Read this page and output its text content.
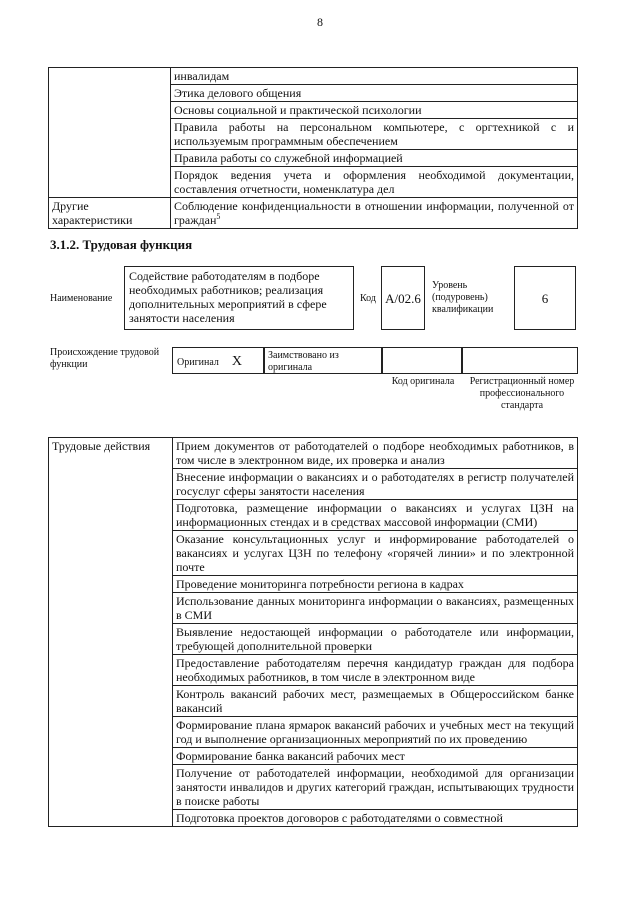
8
	инвалидам
	Этика делового общения
	Основы социальной и практической психологии
	Правила работы на персональном компьютере, с оргтехникой с и используемым программным обеспечением
	Правила работы со служебной информацией
	Порядок ведения учета и оформления необходимой документации, составления отчетности, номенклатура дел
Другие характеристики	Соблюдение конфиденциальности в отношении информации, полученной от граждан$^5$
3.1.2. Трудовая функция
Наименование
Содействие работодателям в подборе необходимых работников; реализация дополнительных мероприятий в сфере занятости населения
Код A/02.6
Уровень (подуровень) квалификации
6
Происхождение трудовой функции	Оригинал X	Заимствовано из оригинала
Код оригинала	Регистрационный номер профессионального стандарта
Трудовые действия	Прием документов от работодателей о подборе необходимых работников, в том числе в электронном виде, их проверка и анализ
Внесение информации о вакансиях и о работодателях в регистр получателей госуслуг сферы занятости населения
Подготовка, размещение информации о вакансиях и услугах ЦЗН на информационных стендах и в средствах массовой информации (СМИ)
Оказание консультационных услуг и информирование работодателей о вакансиях и услугах ЦЗН по телефону «горячей линии» и по электронной почте
Проведение мониторинга потребности региона в кадрах
Использование данных мониторинга информации о вакансиях, размещенных в СМИ
Выявление недостающей информации о работодателе или информации, требующей дополнительной проверки
Предоставление работодателям перечня кандидатур граждан для подбора необходимых работников, в том числе в электронном виде
Контроль вакансий рабочих мест, размещаемых в Общероссийском банке вакансий
Формирование плана ярмарок вакансий рабочих и учебных мест на текущий год и выполнение организационных мероприятий по их проведению
Формирование банка вакансий рабочих мест
Получение от работодателей информации, необходимой для организации занятости инвалидов и других категорий граждан, испытывающих трудности в поиске работы
Подготовка проектов договоров с работодателями о совместной
